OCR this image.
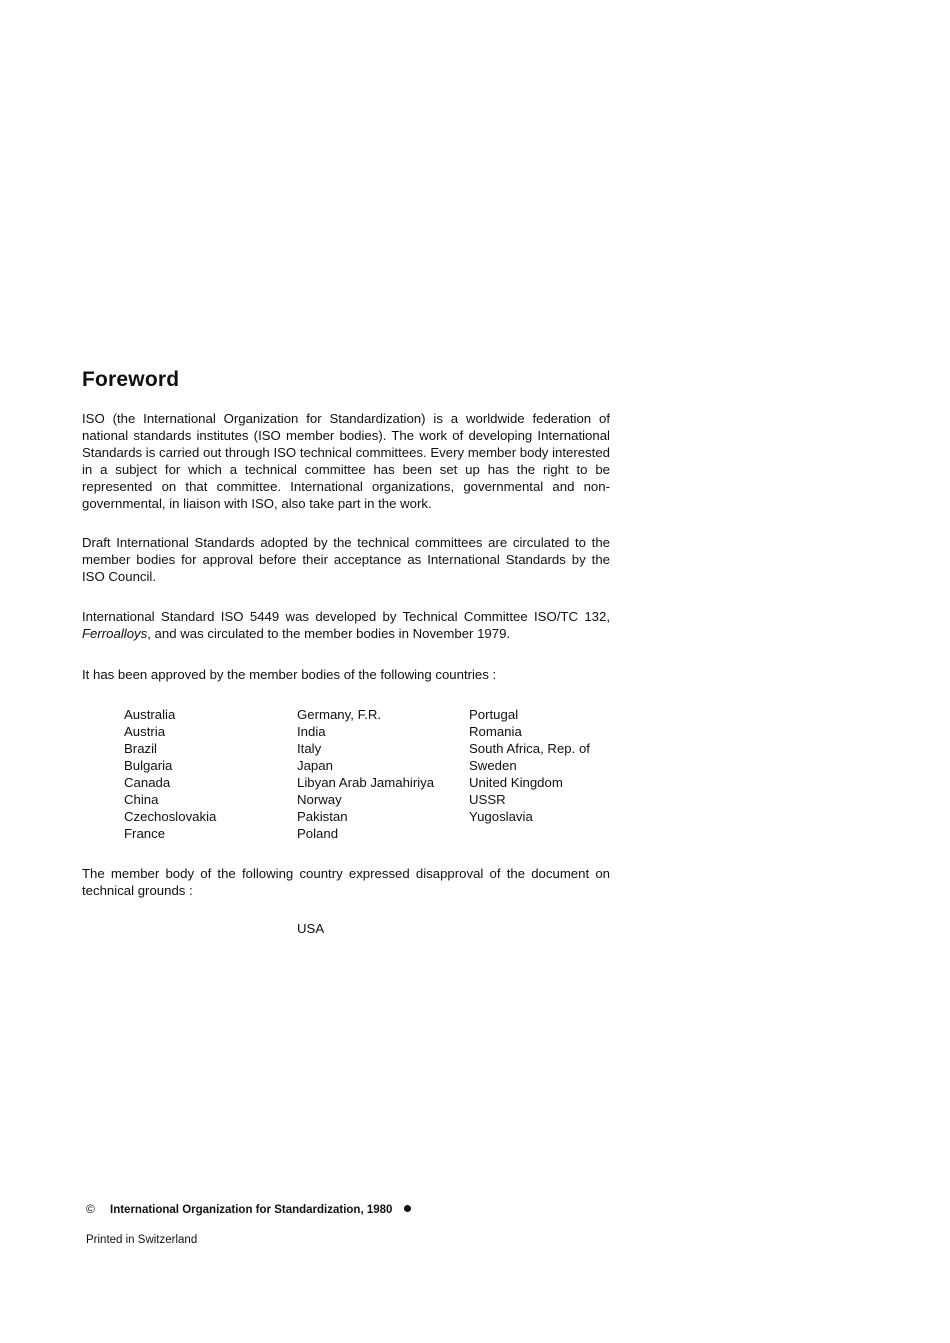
Foreword
ISO (the International Organization for Standardization) is a worldwide federation of national standards institutes (ISO member bodies). The work of developing International Standards is carried out through ISO technical committees. Every member body interested in a subject for which a technical committee has been set up has the right to be represented on that committee. International organizations, governmental and non-governmental, in liaison with ISO, also take part in the work.
Draft International Standards adopted by the technical committees are circulated to the member bodies for approval before their acceptance as International Standards by the ISO Council.
International Standard ISO 5449 was developed by Technical Committee ISO/TC 132, Ferroalloys, and was circulated to the member bodies in November 1979.
It has been approved by the member bodies of the following countries :
Australia
Austria
Brazil
Bulgaria
Canada
China
Czechoslovakia
France
Germany, F.R.
India
Italy
Japan
Libyan Arab Jamahiriya
Norway
Pakistan
Poland
Portugal
Romania
South Africa, Rep. of
Sweden
United Kingdom
USSR
Yugoslavia
The member body of the following country expressed disapproval of the document on technical grounds :
USA
© International Organization for Standardization, 1980
Printed in Switzerland
